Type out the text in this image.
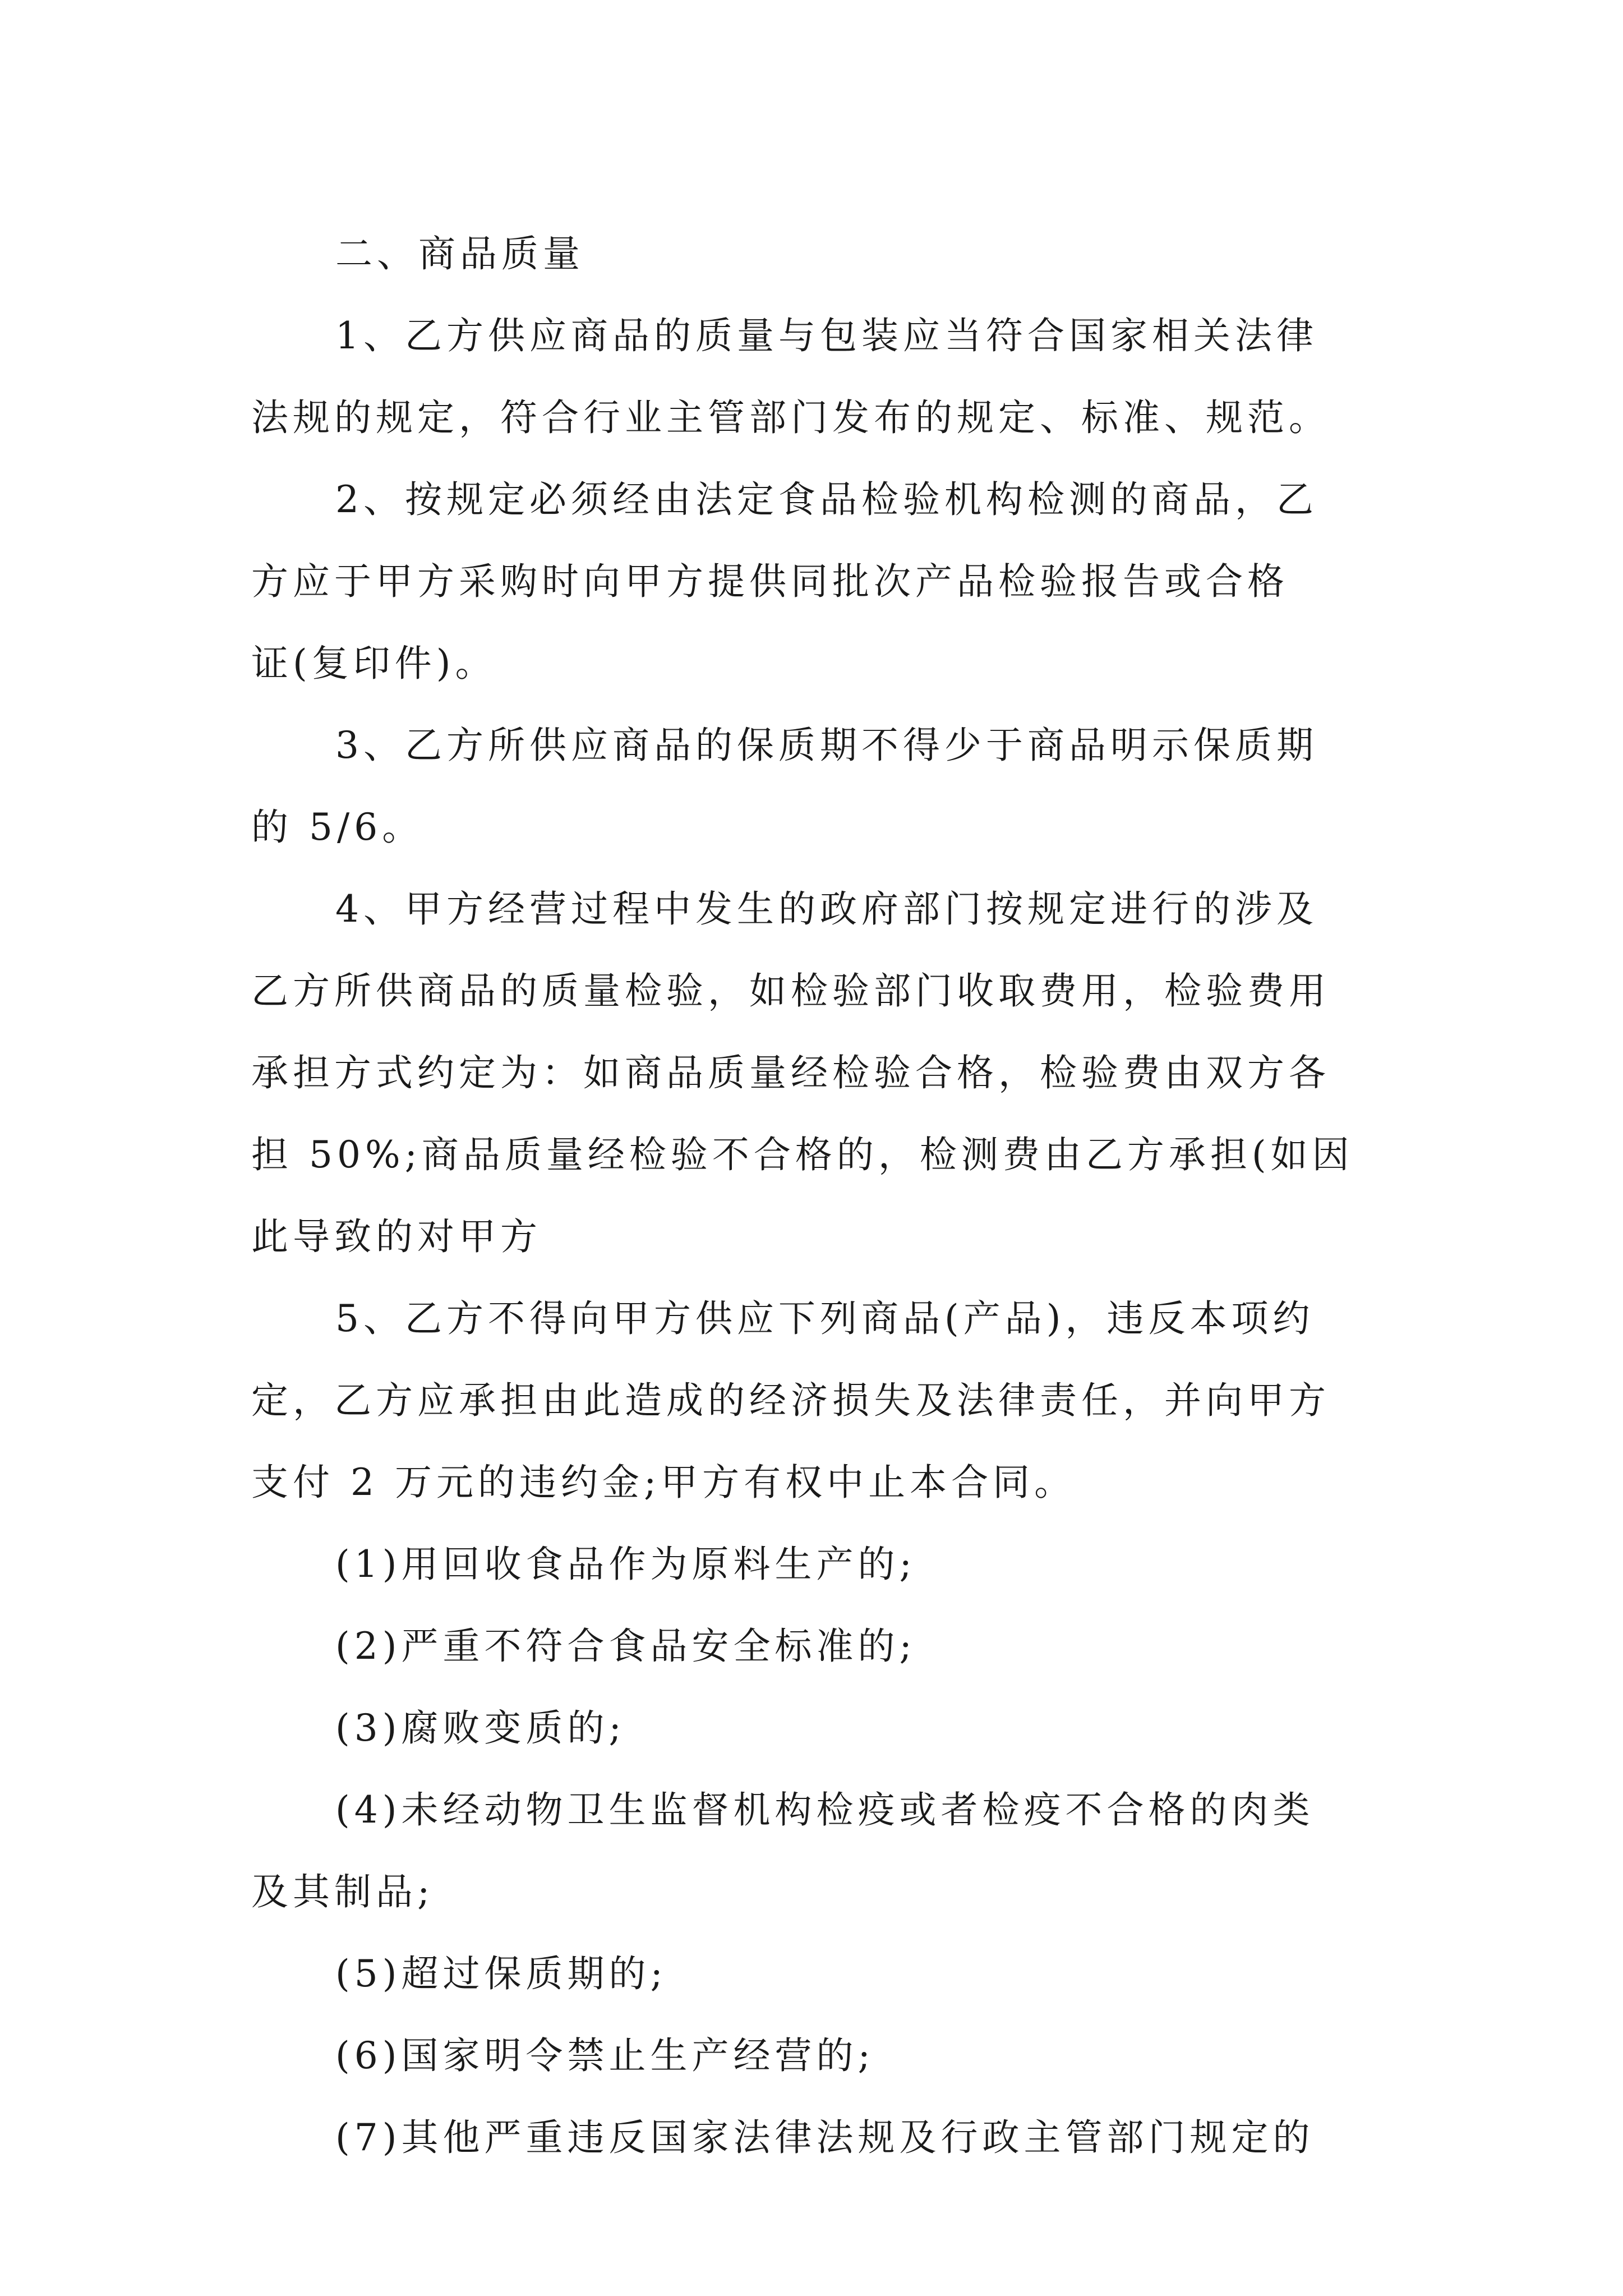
二、商品质量
1、乙方供应商品的质量与包装应当符合国家相关法律
法规的规定，符合行业主管部门发布的规定、标准、规范。
2、按规定必须经由法定食品检验机构检测的商品，乙
方应于甲方采购时向甲方提供同批次产品检验报告或合格
证(复印件)。
3、乙方所供应商品的保质期不得少于商品明示保质期
的 5/6。
4、甲方经营过程中发生的政府部门按规定进行的涉及
乙方所供商品的质量检验，如检验部门收取费用，检验费用
承担方式约定为：如商品质量经检验合格，检验费由双方各
担 50%;商品质量经检验不合格的，检测费由乙方承担(如因
此导致的对甲方
5、乙方不得向甲方供应下列商品(产品)，违反本项约
定，乙方应承担由此造成的经济损失及法律责任，并向甲方
支付 2 万元的违约金;甲方有权中止本合同。
(1)用回收食品作为原料生产的;
(2)严重不符合食品安全标准的;
(3)腐败变质的;
(4)未经动物卫生监督机构检疫或者检疫不合格的肉类
及其制品;
(5)超过保质期的;
(6)国家明令禁止生产经营的;
(7)其他严重违反国家法律法规及行政主管部门规定的
